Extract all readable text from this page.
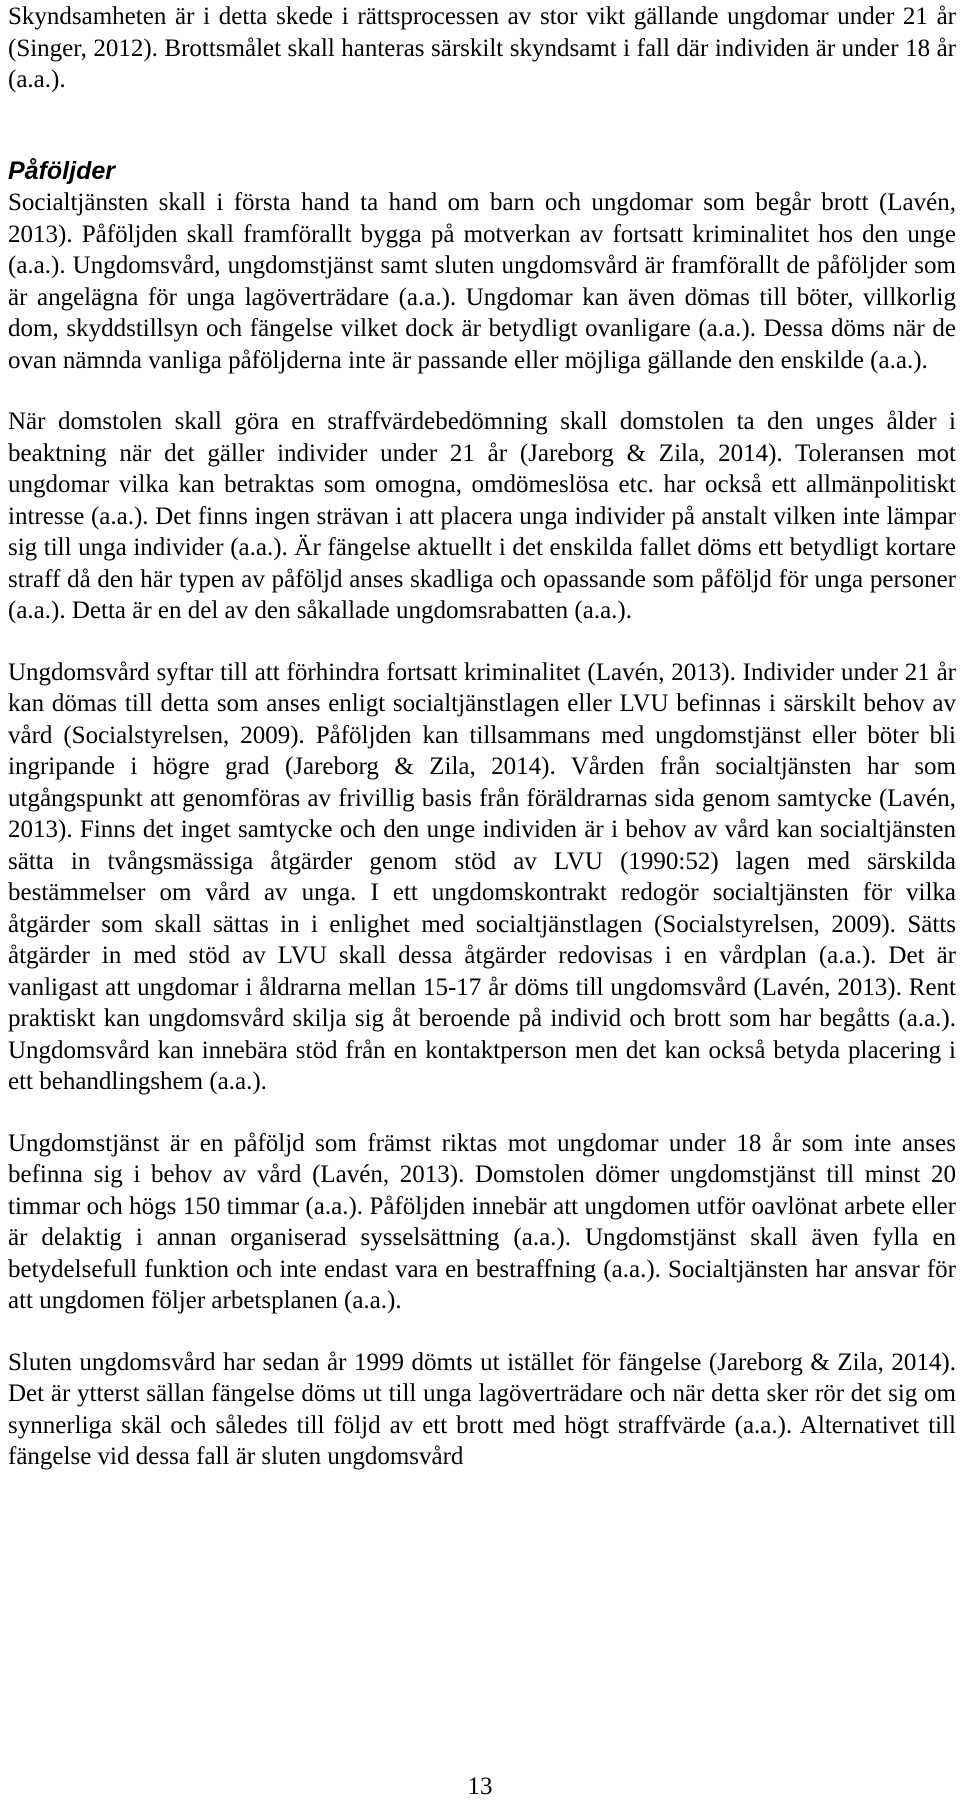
Skyndsamheten är i detta skede i rättsprocessen av stor vikt gällande ungdomar under 21 år (Singer, 2012). Brottsmålet skall hanteras särskilt skyndsamt i fall där individen är under 18 år (a.a.).

Påföljder

Socialtjänsten skall i första hand ta hand om barn och ungdomar som begår brott (Lavén, 2013). Påföljden skall framförallt bygga på motverkan av fortsatt kriminalitet hos den unge (a.a.). Ungdomsvård, ungdomstjänst samt sluten ungdomsvård är framförallt de påföljder som är angelägna för unga lagöverträdare (a.a.). Ungdomar kan även dömas till böter, villkorlig dom, skyddstillsyn och fängelse vilket dock är betydligt ovanligare (a.a.). Dessa döms när de ovan nämnda vanliga påföljderna inte är passande eller möjliga gällande den enskilde (a.a.).

När domstolen skall göra en straffvärdebedömning skall domstolen ta den unges ålder i beaktning när det gäller individer under 21 år (Jareborg & Zila, 2014). Toleransen mot ungdomar vilka kan betraktas som omogna, omdömeslösa etc. har också ett allmänpolitiskt intresse (a.a.). Det finns ingen strävan i att placera unga individer på anstalt vilken inte lämpar sig till unga individer (a.a.). Är fängelse aktuellt i det enskilda fallet döms ett betydligt kortare straff då den här typen av påföljd anses skadliga och opassande som påföljd för unga personer (a.a.). Detta är en del av den såkallade ungdomsrabatten (a.a.).

Ungdomsvård syftar till att förhindra fortsatt kriminalitet (Lavén, 2013). Individer under 21 år kan dömas till detta som anses enligt socialtjänstlagen eller LVU befinnas i särskilt behov av vård (Socialstyrelsen, 2009). Påföljden kan tillsammans med ungdomstjänst eller böter bli ingripande i högre grad (Jareborg & Zila, 2014). Vården från socialtjänsten har som utgångspunkt att genomföras av frivillig basis från föräldrarnas sida genom samtycke (Lavén, 2013). Finns det inget samtycke och den unge individen är i behov av vård kan socialtjänsten sätta in tvångsmässiga åtgärder genom stöd av LVU (1990:52) lagen med särskilda bestämmelser om vård av unga. I ett ungdomskontrakt redogör socialtjänsten för vilka åtgärder som skall sättas in i enlighet med socialtjänstlagen (Socialstyrelsen, 2009). Sätts åtgärder in med stöd av LVU skall dessa åtgärder redovisas i en vårdplan (a.a.). Det är vanligast att ungdomar i åldrarna mellan 15-17 år döms till ungdomsvård (Lavén, 2013). Rent praktiskt kan ungdomsvård skilja sig åt beroende på individ och brott som har begåtts (a.a.). Ungdomsvård kan innebära stöd från en kontaktperson men det kan också betyda placering i ett behandlingshem (a.a.).

Ungdomstjänst är en påföljd som främst riktas mot ungdomar under 18 år som inte anses befinna sig i behov av vård (Lavén, 2013). Domstolen dömer ungdomstjänst till minst 20 timmar och högs 150 timmar (a.a.). Påföljden innebär att ungdomen utför oavlönat arbete eller är delaktig i annan organiserad sysselsättning (a.a.). Ungdomstjänst skall även fylla en betydelsefull funktion och inte endast vara en bestraffning (a.a.). Socialtjänsten har ansvar för att ungdomen följer arbetsplanen (a.a.).

Sluten ungdomsvård har sedan år 1999 dömts ut istället för fängelse (Jareborg & Zila, 2014). Det är ytterst sällan fängelse döms ut till unga lagöverträdare och när detta sker rör det sig om synnerliga skäl och således till följd av ett brott med högt straffvärde (a.a.). Alternativet till fängelse vid dessa fall är sluten ungdomsvård

13
